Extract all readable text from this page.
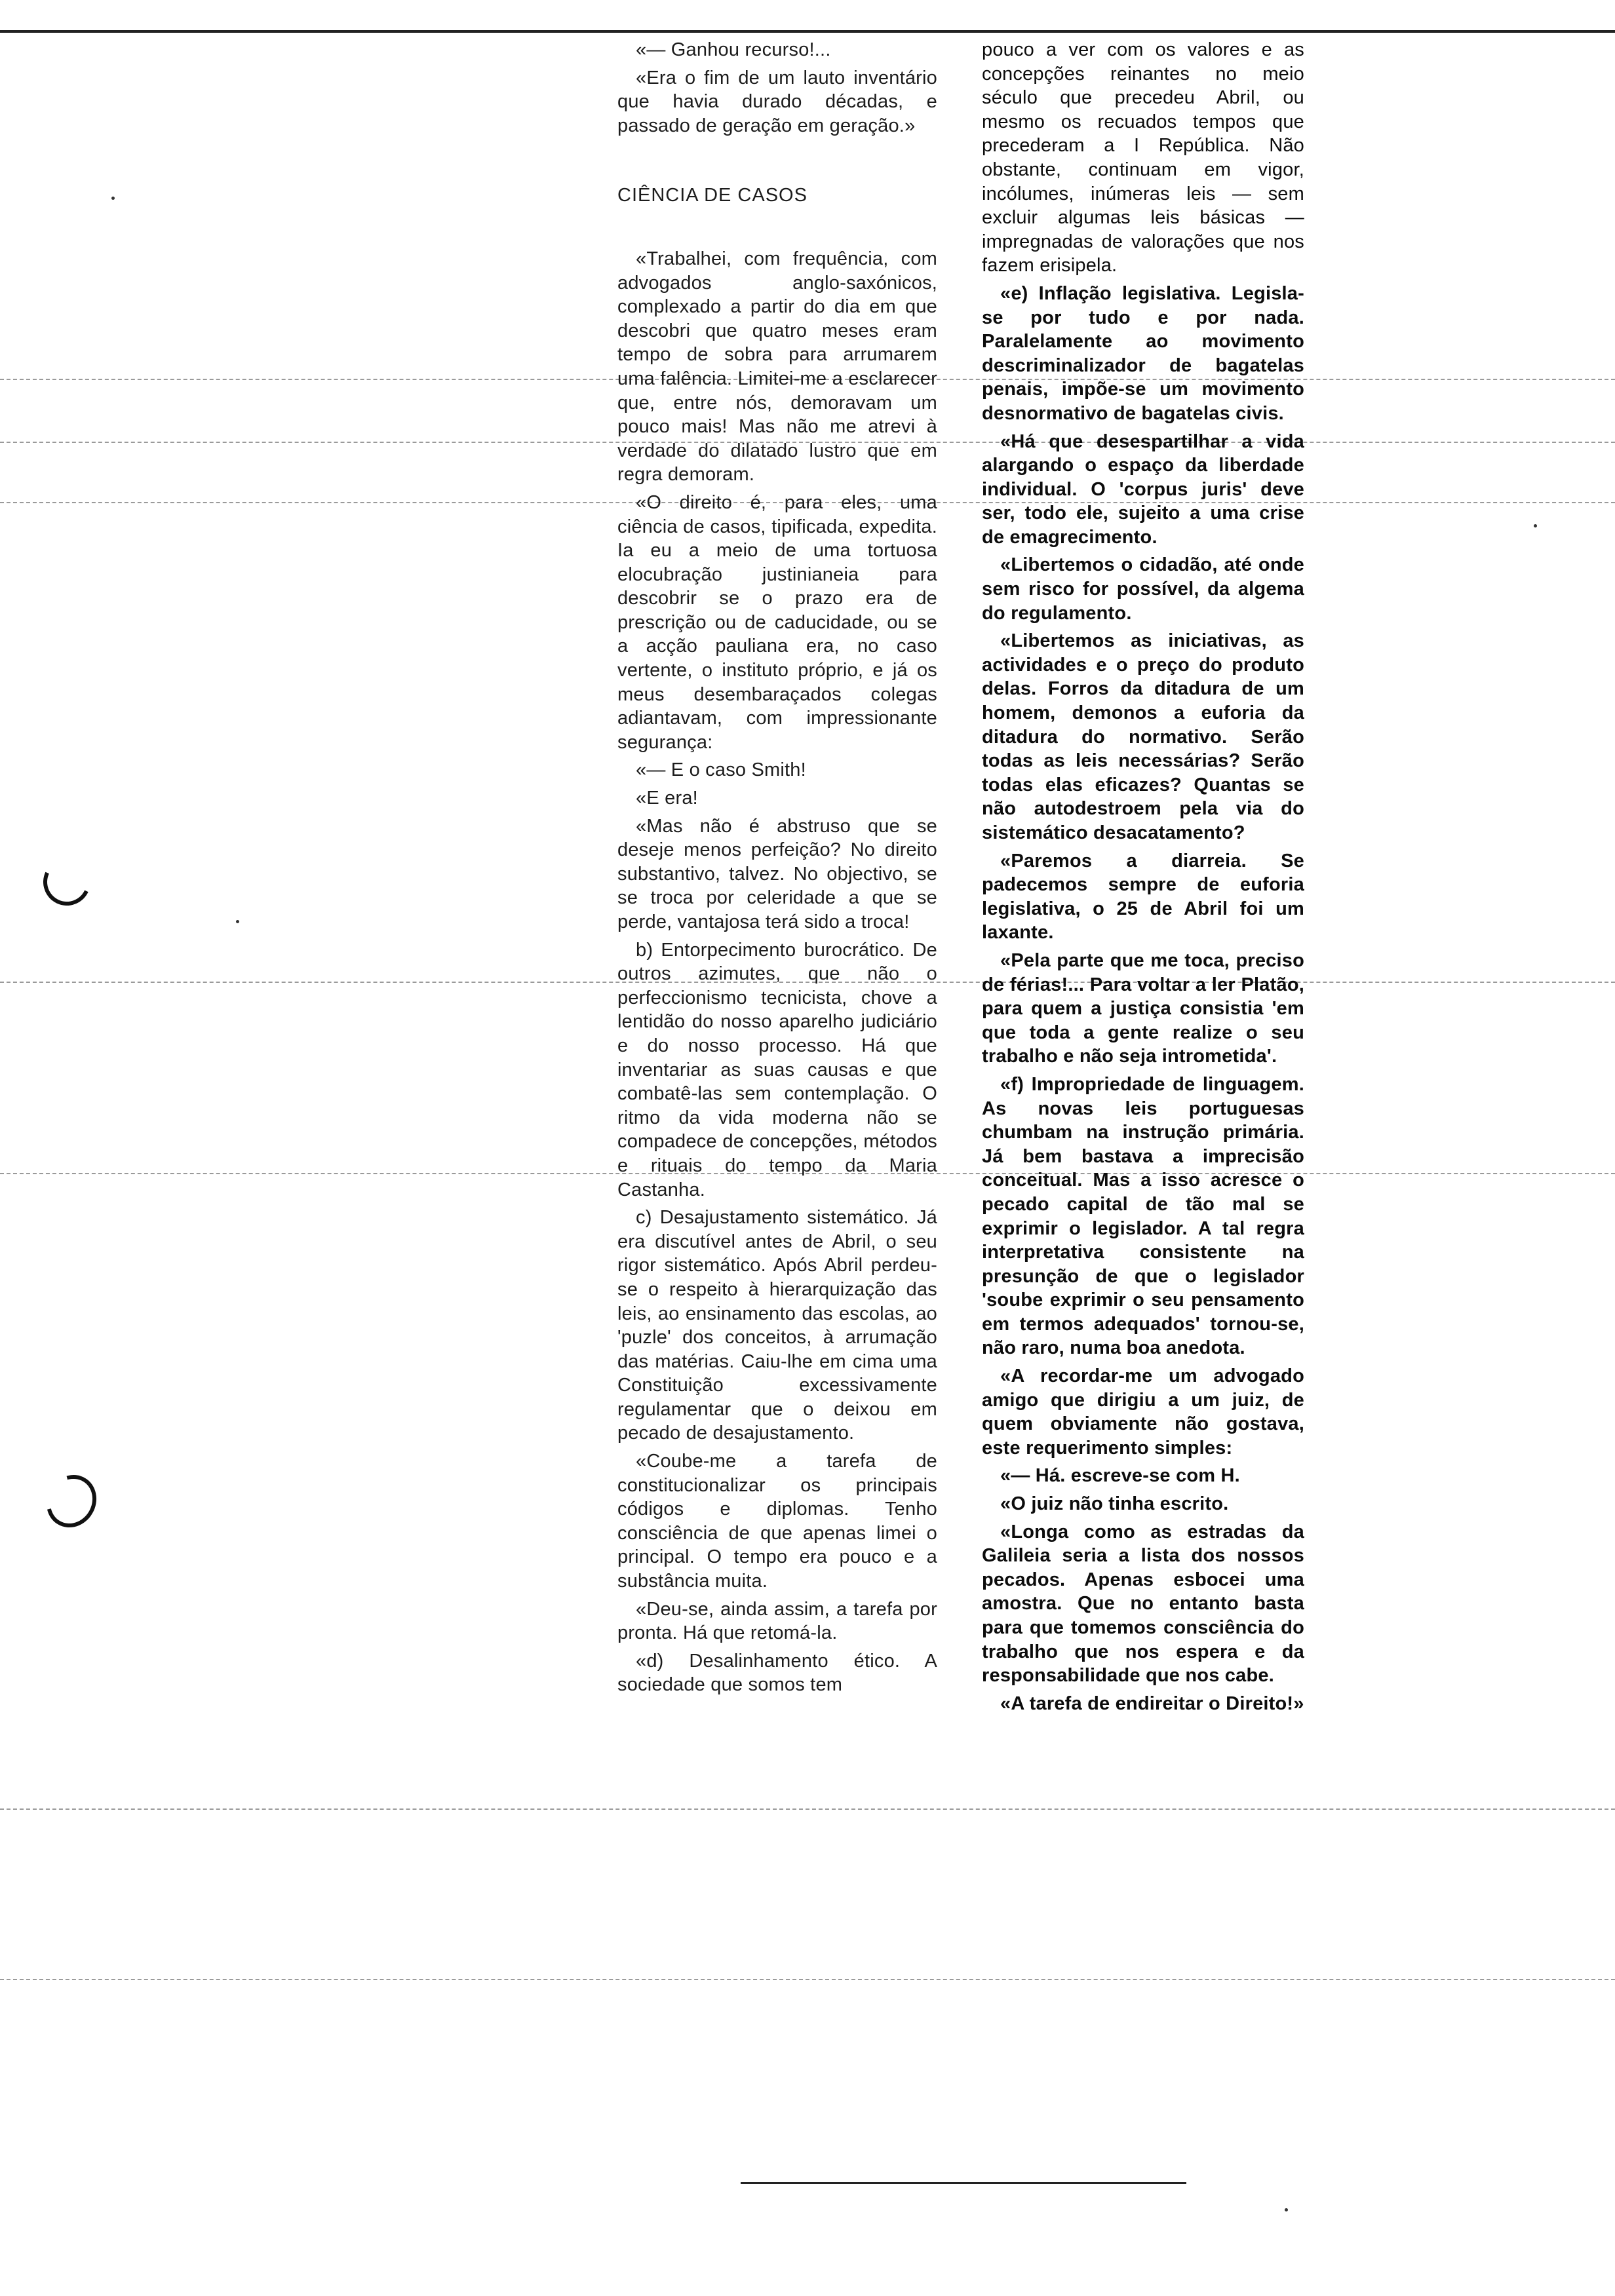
«— Ganhou recurso!...

«Era o fim de um lauto inventário que havia durado décadas, e passado de geração em geração.»

CIÊNCIA DE CASOS

«Trabalhei, com frequência, com advogados anglo-saxónicos, complexado a partir do dia em que descobri que quatro meses eram tempo de sobra para arrumarem uma falência. Limitei-me a esclarecer que, entre nós, demoravam um pouco mais! Mas não me atrevi à verdade do dilatado lustro que em regra demoram.

«O direito é, para eles, uma ciência de casos, tipificada, expedita. Ia eu a meio de uma tortuosa elocubração justinianeia para descobrir se o prazo era de prescrição ou de caducidade, ou se a acção pauliana era, no caso vertente, o instituto próprio, e já os meus desembaraçados colegas adiantavam, com impressionante segurança:

«— E o caso Smith!

«E era!

«Mas não é abstruso que se deseje menos perfeição? No direito substantivo, talvez. No objectivo, se se troca por celeridade a que se perde, vantajosa terá sido a troca!

b) Entorpecimento burocrático. De outros azimutes, que não o perfeccionismo tecnicista, chove a lentidão do nosso aparelho judiciário e do nosso processo. Há que inventariar as suas causas e que combatê-las sem contemplação. O ritmo da vida moderna não se compadece de concepções, métodos e rituais do tempo da Maria Castanha.

c) Desajustamento sistemático. Já era discutível antes de Abril, o seu rigor sistemático. Após Abril perdeu-se o respeito à hierarquização das leis, ao ensinamento das escolas, ao 'puzle' dos conceitos, à arrumação das matérias. Caiu-lhe em cima uma Constituição excessivamente regulamentar que o deixou em pecado de desajustamento.

«Coube-me a tarefa de constitucionalizar os principais códigos e diplomas. Tenho consciência de que apenas limei o principal. O tempo era pouco e a substância muita.

«Deu-se, ainda assim, a tarefa por pronta. Há que retomá-la.

«d) Desalinhamento ético. A sociedade que somos tem

pouco a ver com os valores e as concepções reinantes no meio século que precedeu Abril, ou mesmo os recuados tempos que precederam a I República. Não obstante, continuam em vigor, incólumes, inúmeras leis — sem excluir algumas leis básicas — impregnadas de valorações que nos fazem erisipela.

«e) Inflação legislativa. Legisla-se por tudo e por nada. Paralelamente ao movimento descriminalizador de bagatelas penais, impõe-se um movimento desnormativo de bagatelas civis.

«Há que desespartilhar a vida alargando o espaço da liberdade individual. O 'corpus juris' deve ser, todo ele, sujeito a uma crise de emagrecimento.

«Libertemos o cidadão, até onde sem risco for possível, da algema do regulamento.

«Libertemos as iniciativas, as actividades e o preço do produto delas. Forros da ditadura de um homem, demonos a euforia da ditadura do normativo. Serão todas as leis necessárias? Serão todas elas eficazes? Quantas se não autodestroem pela via do sistemático desacatamento?

«Paremos a diarreia. Se padecemos sempre de euforia legislativa, o 25 de Abril foi um laxante.

«Pela parte que me toca, preciso de férias!... Para voltar a ler Platão, para quem a justiça consistia 'em que toda a gente realize o seu trabalho e não seja intrometida'.

«f) Impropriedade de linguagem. As novas leis portuguesas chumbam na instrução primária. Já bem bastava a imprecisão conceitual. Mas a isso acresce o pecado capital de tão mal se exprimir o legislador. A tal regra interpretativa consistente na presunção de que o legislador 'soube exprimir o seu pensamento em termos adequados' tornou-se, não raro, numa boa anedota.

«A recordar-me um advogado amigo que dirigiu a um juiz, de quem obviamente não gostava, este requerimento simples:

«— Há. escreve-se com H.

«O juiz não tinha escrito.

«Longa como as estradas da Galileia seria a lista dos nossos pecados. Apenas esbocei uma amostra. Que no entanto basta para que tomemos consciência do trabalho que nos espera e da responsabilidade que nos cabe.

«A tarefa de endireitar o Direito!»
